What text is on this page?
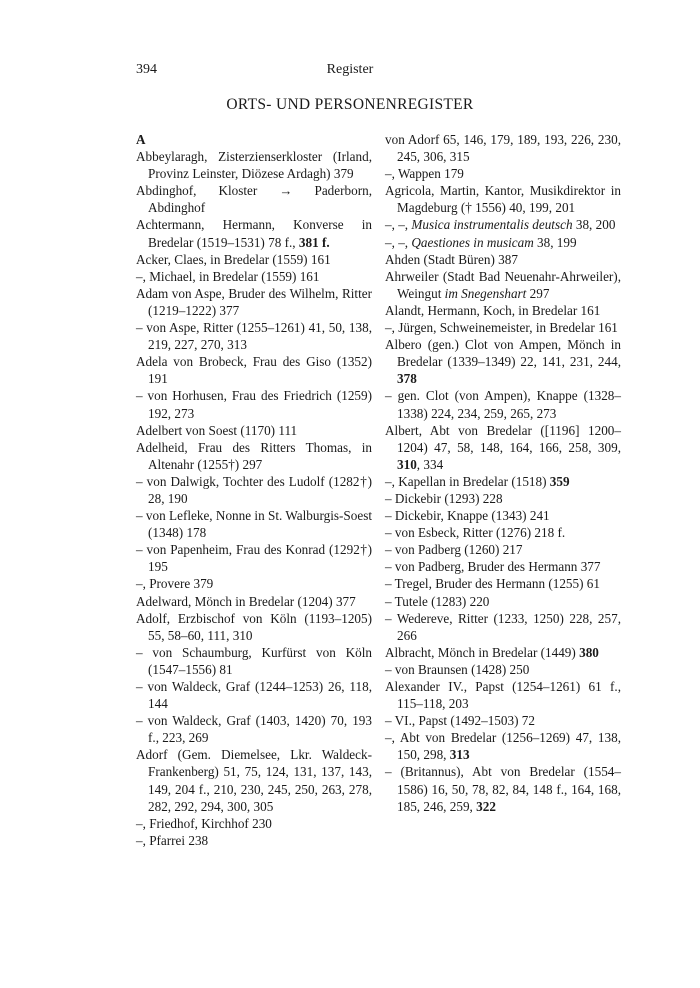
394	Register
ORTS- UND PERSONENREGISTER

A

Abbeylaragh, Zisterzienserkloster (Irland, Provinz Leinster, Diözese Ardagh) 379

Abdinghof, Kloster → Paderborn, Abdinghof

Achtermann, Hermann, Konverse in Bredelar (1519–1531) 78 f., 381 f.

Acker, Claes, in Bredelar (1559) 161

–, Michael, in Bredelar (1559) 161

Adam von Aspe, Bruder des Wilhelm, Ritter (1219–1222) 377

– von Aspe, Ritter (1255–1261) 41, 50, 138, 219, 227, 270, 313

Adela von Brobeck, Frau des Giso (1352) 191

– von Horhusen, Frau des Friedrich (1259) 192, 273

Adelbert von Soest (1170) 111

Adelheid, Frau des Ritters Thomas, in Altenahr (1255†) 297

– von Dalwigk, Tochter des Ludolf (1282†) 28, 190

– von Lefleke, Nonne in St. Walburgis-Soest (1348) 178

– von Papenheim, Frau des Konrad (1292†) 195

–, Provere 379

Adelward, Mönch in Bredelar (1204) 377

Adolf, Erzbischof von Köln (1193–1205) 55, 58–60, 111, 310

– von Schaumburg, Kurfürst von Köln (1547–1556) 81

– von Waldeck, Graf (1244–1253) 26, 118, 144

– von Waldeck, Graf (1403, 1420) 70, 193 f., 223, 269

Adorf (Gem. Diemelsee, Lkr. Waldeck-Frankenberg) 51, 75, 124, 131, 137, 143, 149, 204 f., 210, 230, 245, 250, 263, 278, 282, 292, 294, 300, 305

–, Friedhof, Kirchhof 230

–, Pfarrei 238

von Adorf 65, 146, 179, 189, 193, 226, 230, 245, 306, 315

–, Wappen 179

Agricola, Martin, Kantor, Musikdirektor in Magdeburg († 1556) 40, 199, 201

–, –, Musica instrumentalis deutsch 38, 200

–, –, Qaestiones in musicam 38, 199

Ahden (Stadt Büren) 387

Ahrweiler (Stadt Bad Neuenahr-Ahrweiler), Weingut im Snegenshart 297

Alandt, Hermann, Koch, in Bredelar 161

–, Jürgen, Schweinemeister, in Bredelar 161

Albero (gen.) Clot von Ampen, Mönch in Bredelar (1339–1349) 22, 141, 231, 244, 378

– gen. Clot (von Ampen), Knappe (1328–1338) 224, 234, 259, 265, 273

Albert, Abt von Bredelar ([1196] 1200–1204) 47, 58, 148, 164, 166, 258, 309, 310, 334

–, Kapellan in Bredelar (1518) 359

– Dickebir (1293) 228

– Dickebir, Knappe (1343) 241

– von Esbeck, Ritter (1276) 218 f.

– von Padberg (1260) 217

– von Padberg, Bruder des Hermann 377

– Tregel, Bruder des Hermann (1255) 61

– Tutele (1283) 220

– Wedereve, Ritter (1233, 1250) 228, 257, 266

Albracht, Mönch in Bredelar (1449) 380

– von Braunsen (1428) 250

Alexander IV., Papst (1254–1261) 61 f., 115–118, 203

– VI., Papst (1492–1503) 72

–, Abt von Bredelar (1256–1269) 47, 138, 150, 298, 313

– (Britannus), Abt von Bredelar (1554–1586) 16, 50, 78, 82, 84, 148 f., 164, 168, 185, 246, 259, 322
